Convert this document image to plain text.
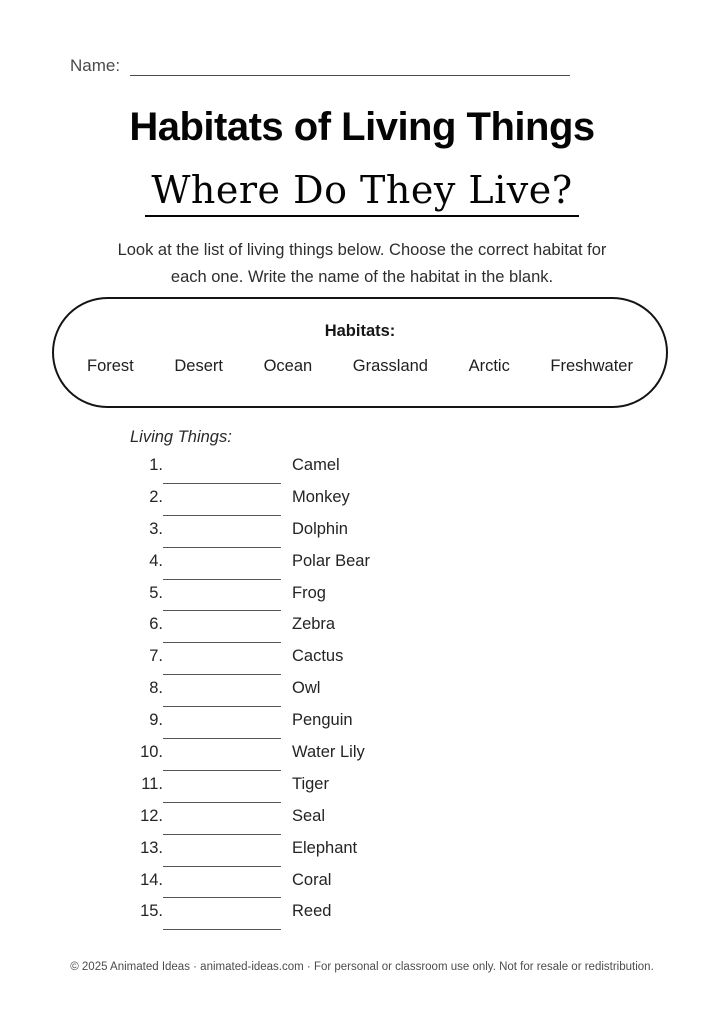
Name:
Habitats of Living Things
Where Do They Live?

Look at the list of living things below. Choose the correct habitat for
each one. Write the name of the habitat in the blank.

Habitats:
Forest Desert Ocean Grassland Arctic Freshwater
Living Things:
1.	Camel
2.	Monkey
3.	Dolphin
4.	Polar Bear
5.	Frog
6.	Zebra
7.	Cactus
8.	Owl
9.	Penguin
10.	Water Lily
11.	Tiger
12.	Seal
13.	Elephant
14.	Coral
15.	Reed
© 2025 Animated Ideas · animated-ideas.com · For personal or classroom use only. Not for resale or redistribution.
